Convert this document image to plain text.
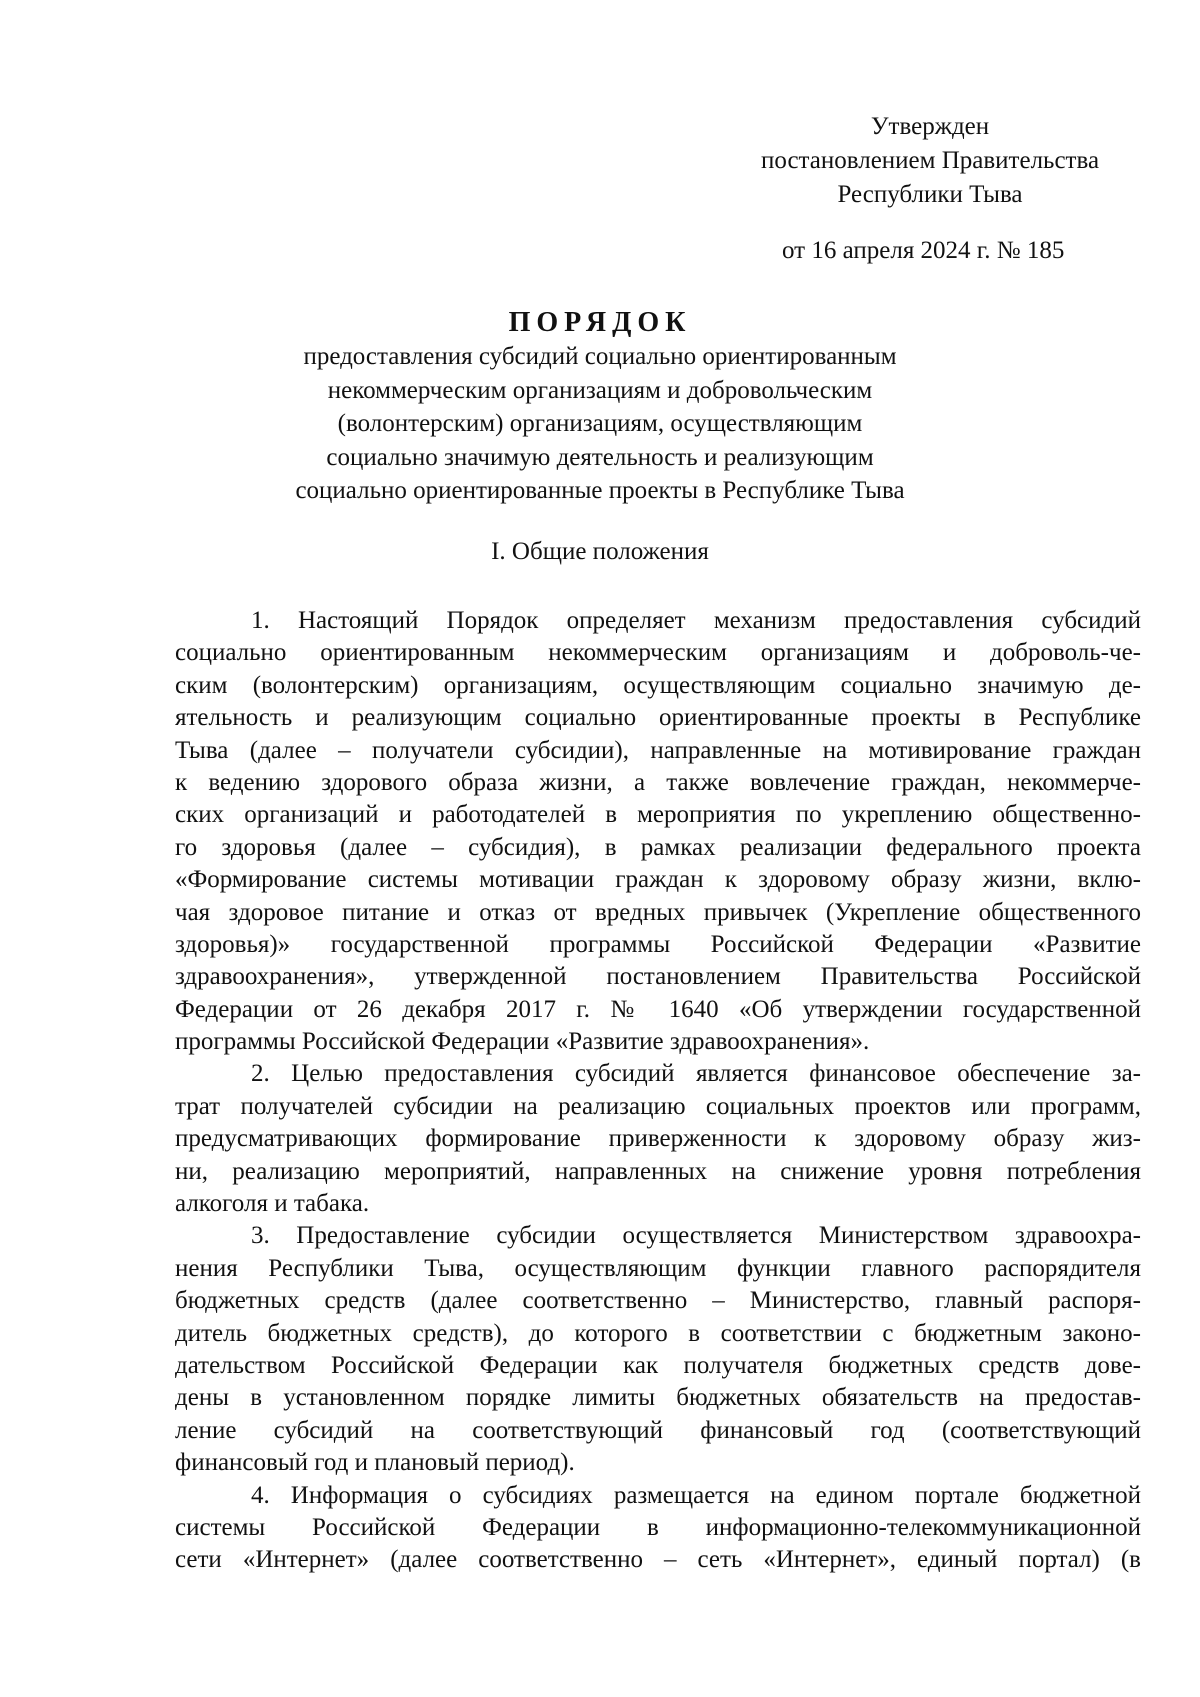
Утвержден
постановлением Правительства
Республики Тыва
от 16 апреля 2024 г. № 185
ПОРЯДОК
предоставления субсидий социально ориентированным
некоммерческим организациям и добровольческим
(волонтерским) организациям, осуществляющим
социально значимую деятельность и реализующим
социально ориентированные проекты в Республике Тыва
I. Общие положения
1. Настоящий Порядок определяет механизм предоставления субсидий
социально ориентированным некоммерческим организациям и доброволь-че-
ским (волонтерским) организациям, осуществляющим социально значимую де-
ятельность и реализующим социально ориентированные проекты в Республике
Тыва (далее – получатели субсидии), направленные на мотивирование граждан
к ведению здорового образа жизни, а также вовлечение граждан, некоммерче-
ских организаций и работодателей в мероприятия по укреплению общественно-
го здоровья (далее – субсидия), в рамках реализации федерального проекта
«Формирование системы мотивации граждан к здоровому образу жизни, вклю-
чая здоровое питание и отказ от вредных привычек (Укрепление общественного
здоровья)» государственной программы Российской Федерации «Развитие
здравоохранения», утвержденной постановлением Правительства Российской
Федерации от 26 декабря 2017 г. № 1640 «Об утверждении государственной
программы Российской Федерации «Развитие здравоохранения».
2. Целью предоставления субсидий является финансовое обеспечение за-
трат получателей субсидии на реализацию социальных проектов или программ,
предусматривающих формирование приверженности к здоровому образу жиз-
ни, реализацию мероприятий, направленных на снижение уровня потребления
алкоголя и табака.
3. Предоставление субсидии осуществляется Министерством здравоохра-
нения Республики Тыва, осуществляющим функции главного распорядителя
бюджетных средств (далее соответственно – Министерство, главный распоря-
дитель бюджетных средств), до которого в соответствии с бюджетным законо-
дательством Российской Федерации как получателя бюджетных средств дове-
дены в установленном порядке лимиты бюджетных обязательств на предостав-
ление субсидий на соответствующий финансовый год (соответствующий
финансовый год и плановый период).
4. Информация о субсидиях размещается на едином портале бюджетной
системы Российской Федерации в информационно-телекоммуникационной
сети «Интернет» (далее соответственно – сеть «Интернет», единый портал) (в
